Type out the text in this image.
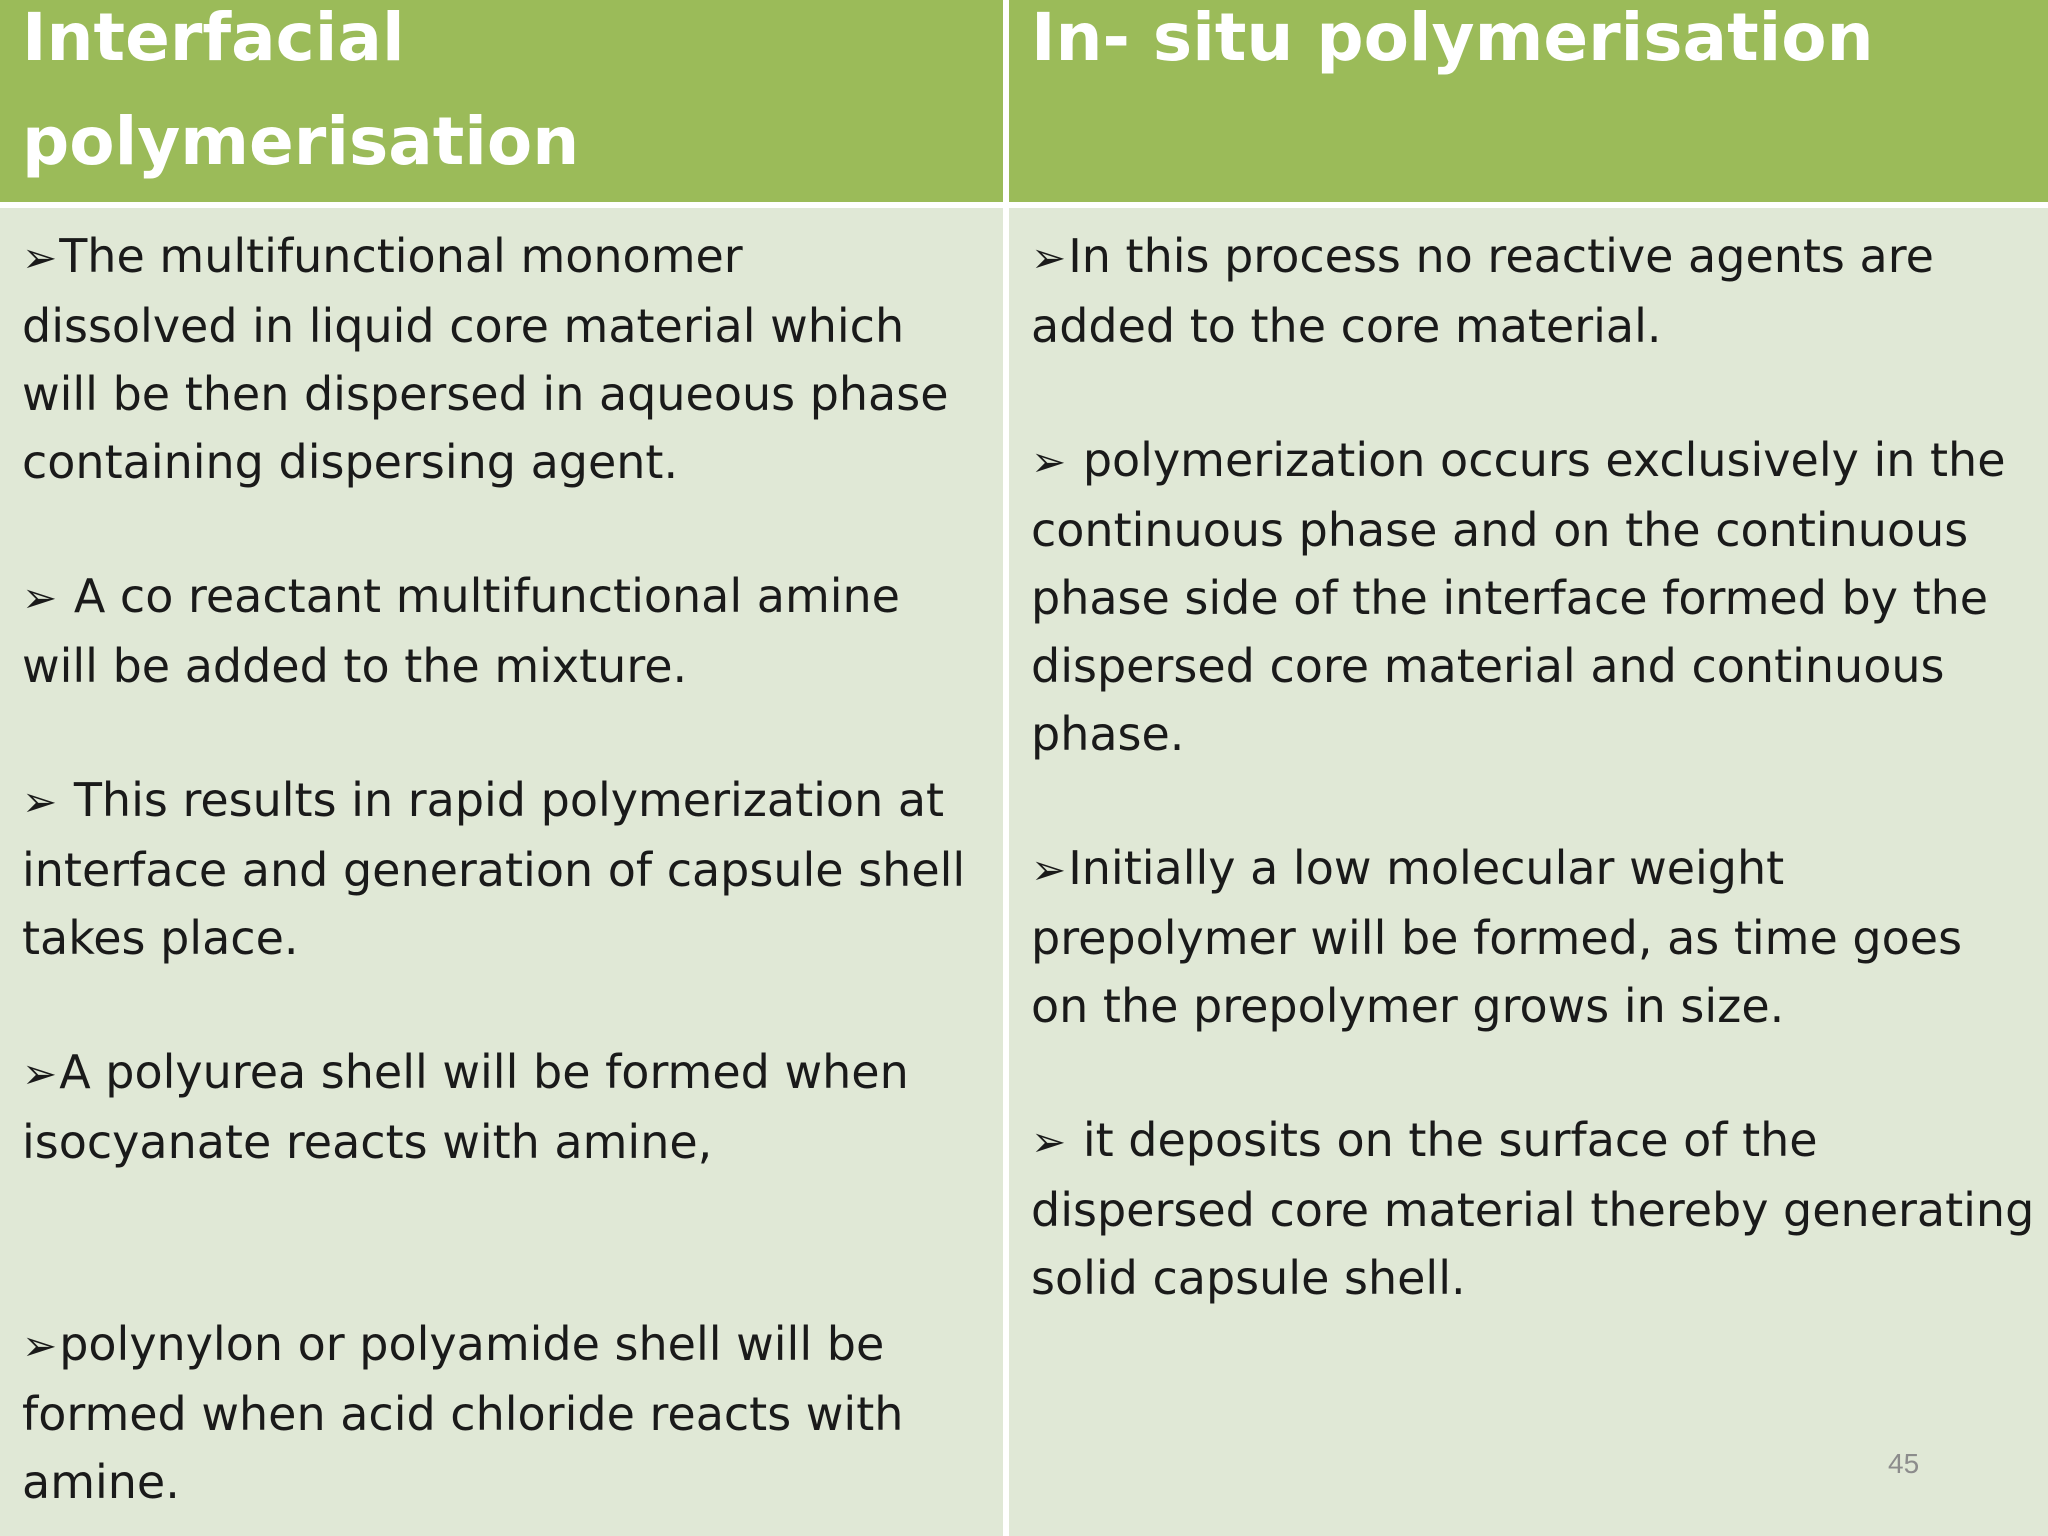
Interfacial
polymerisation
In- situ polymerisation

➢The multifunctional monomer
dissolved in liquid core material which
will be then dispersed in aqueous phase
containing dispersing agent.

➢ A co reactant multifunctional amine
will be added to the mixture.

➢ This results in rapid polymerization at
interface and generation of capsule shell
takes place.

➢A polyurea shell will be formed when
isocyanate reacts with amine,

➢polynylon or polyamide shell will be
formed when acid chloride reacts with
amine.

➢In this process no reactive agents are
added to the core material.

➢ polymerization occurs exclusively in the
continuous phase and on the continuous
phase side of the interface formed by the
dispersed core material and continuous
phase.

➢Initially a low molecular weight
prepolymer will be formed, as time goes
on the prepolymer grows in size.

➢ it deposits on the surface of the
dispersed core material thereby generating
solid capsule shell.

45
